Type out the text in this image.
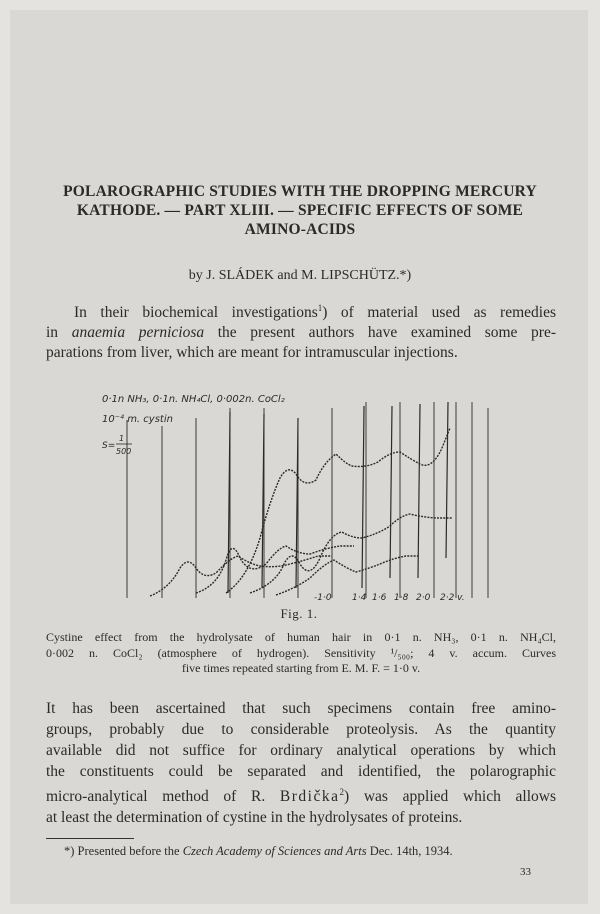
POLAROGRAPHIC STUDIES WITH THE DROPPING MERCURY
KATHODE. — PART XLIII. — SPECIFIC EFFECTS OF SOME
AMINO-ACIDS
by J. SLÁDEK and M. LIPSCHÜTZ.*)
In their biochemical investigations$^1$) of material used as remedies
in anaemia perniciosa the present authors have examined some pre-
parations from liver, which are meant for intramuscular injections.
0·1n NH₃, 0·1n. NH₄Cl, 0·002n. CoCl₂
10⁻⁴ m. cystin
S=
1
500
-1·0 1·4 1·6 1·8 2·0 2·2 v.
Fig. 1.
Cystine effect from the hydrolysate of human hair in 0·1 n. NH₃, 0·1 n. NH₄Cl,
0·002 n. CoCl₂ (atmosphere of hydrogen). Sensitivity ¹/₅₀₀; 4 v. accum. Curves
five times repeated starting from E. M. F. = 1·0 v.
It has been ascertained that such specimens contain free amino-
groups, probably due to considerable proteolysis. As the quantity
available did not suffice for ordinary analytical operations by which
the constituents could be separated and identified, the polarographic
micro-analytical method of R. Brdička$^2$) was applied which allows
at least the determination of cystine in the hydrolysates of proteins.
*) Presented before the Czech Academy of Sciences and Arts Dec. 14th, 1934.
33
